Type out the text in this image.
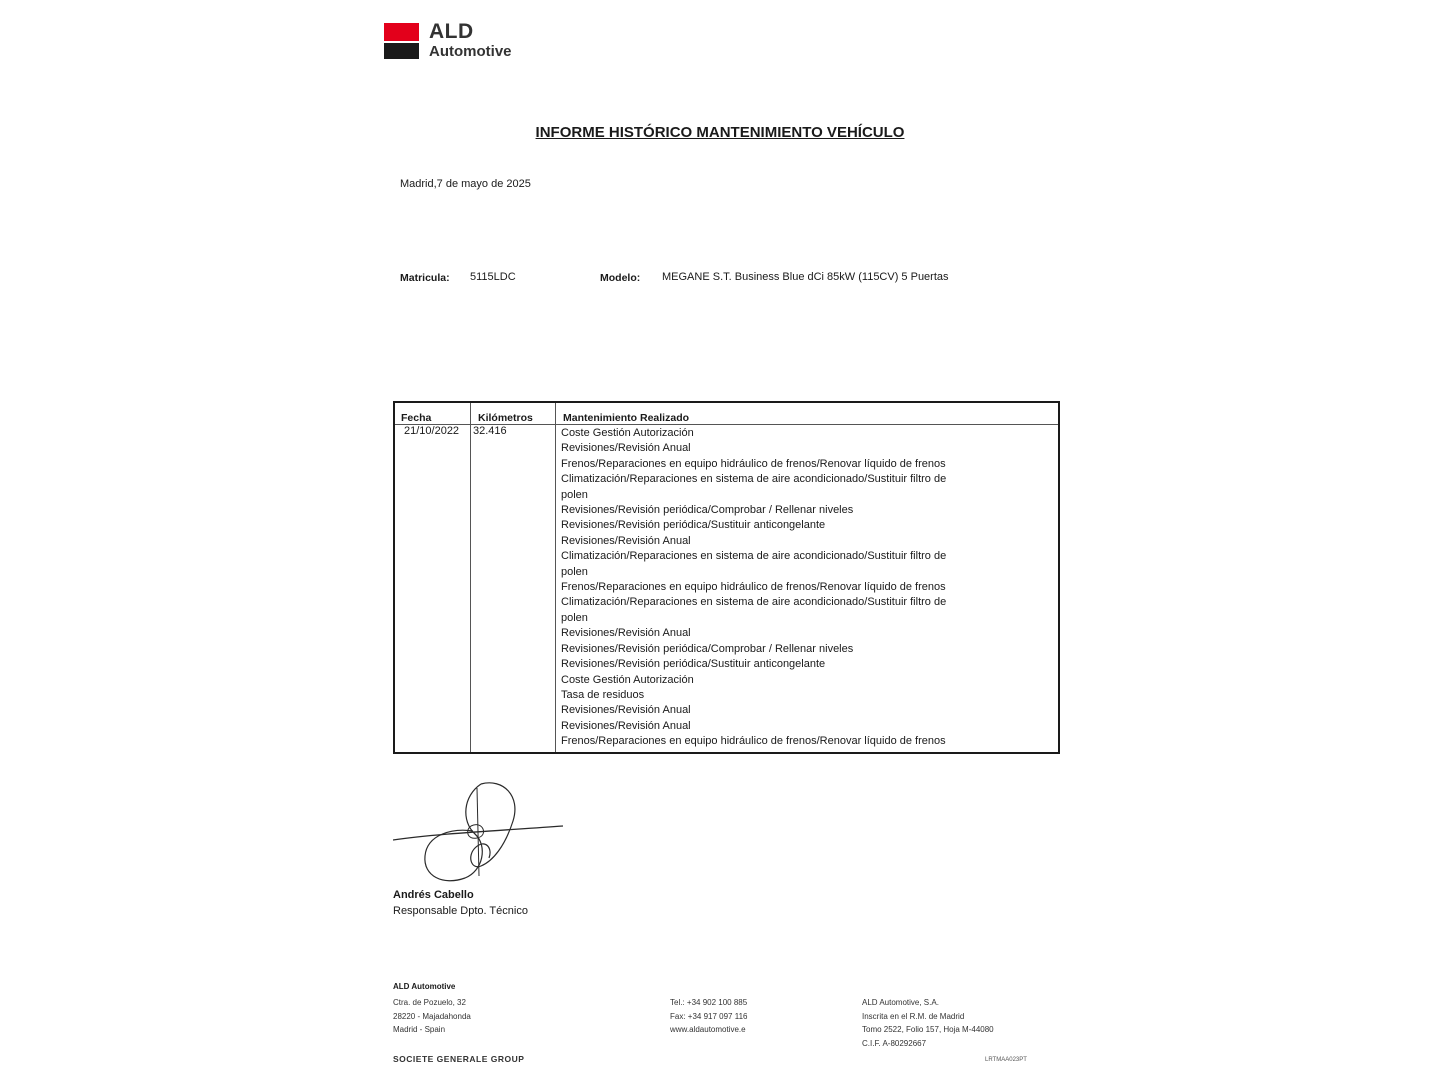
ALD
Automotive
INFORME HISTÓRICO MANTENIMIENTO VEHÍCULO
Madrid,7 de mayo de 2025
Matricula: 5115LDC	Modelo: MEGANE S.T. Business Blue dCi 85kW (115CV) 5 Puertas
Fecha	Kilómetros	Mantenimiento Realizado
21/10/2022 32.416	Coste Gestión Autorización
Revisiones/Revisión Anual
Frenos/Reparaciones en equipo hidráulico de frenos/Renovar líquido de frenos
Climatización/Reparaciones en sistema de aire acondicionado/Sustituir filtro de polen
Revisiones/Revisión periódica/Comprobar / Rellenar niveles
Revisiones/Revisión periódica/Sustituir anticongelante
Revisiones/Revisión Anual
Climatización/Reparaciones en sistema de aire acondicionado/Sustituir filtro de polen
Frenos/Reparaciones en equipo hidráulico de frenos/Renovar líquido de frenos
Climatización/Reparaciones en sistema de aire acondicionado/Sustituir filtro de polen
Revisiones/Revisión Anual
Revisiones/Revisión periódica/Comprobar / Rellenar niveles
Revisiones/Revisión periódica/Sustituir anticongelante
Coste Gestión Autorización
Tasa de residuos
Revisiones/Revisión Anual
Revisiones/Revisión Anual
Frenos/Reparaciones en equipo hidráulico de frenos/Renovar líquido de frenos
Andrés Cabello
Responsable Dpto. Técnico
ALD Automotive
Ctra. de Pozuelo, 32
28220 - Majadahonda
Madrid - Spain
Tel.: +34 902 100 885
Fax: +34 917 097 116
www.aldautomotive.e
ALD Automotive, S.A.
Inscrita en el R.M. de Madrid
Tomo 2522, Folio 157, Hoja M-44080
C.I.F. A-80292667
SOCIETE GENERALE GROUP	LRTMAA023PT
